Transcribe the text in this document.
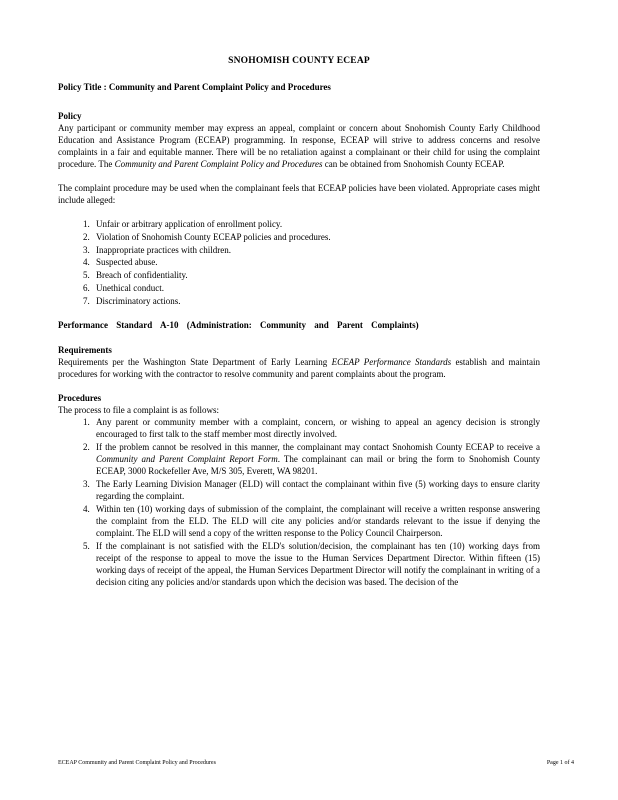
SNOHOMISH COUNTY ECEAP
Policy Title : Community and Parent Complaint Policy and Procedures
Policy

Any participant or community member may express an appeal, complaint or concern about Snohomish County Early Childhood Education and Assistance Program (ECEAP) programming. In response, ECEAP will strive to address concerns and resolve complaints in a fair and equitable manner. There will be no retaliation against a complainant or their child for using the complaint procedure. The Community and Parent Complaint Policy and Procedures can be obtained from Snohomish County ECEAP.

The complaint procedure may be used when the complainant feels that ECEAP policies have been violated. Appropriate cases might include alleged:

1. Unfair or arbitrary application of enrollment policy.
2. Violation of Snohomish County ECEAP policies and procedures.
3. Inappropriate practices with children.
4. Suspected abuse.
5. Breach of confidentiality.
6. Unethical conduct.
7. Discriminatory actions.
Performance Standard A-10 (Administration: Community and Parent Complaints)
Requirements

Requirements per the Washington State Department of Early Learning ECEAP Performance Standards establish and maintain procedures for working with the contractor to resolve community and parent complaints about the program.

Procedures

The process to file a complaint is as follows:

1. Any parent or community member with a complaint, concern, or wishing to appeal an agency decision is strongly encouraged to first talk to the staff member most directly involved.
2. If the problem cannot be resolved in this manner, the complainant may contact Snohomish County ECEAP to receive a Community and Parent Complaint Report Form. The complainant can mail or bring the form to Snohomish County ECEAP, 3000 Rockefeller Ave, M/S 305, Everett, WA 98201.
3. The Early Learning Division Manager (ELD) will contact the complainant within five (5) working days to ensure clarity regarding the complaint.
4. Within ten (10) working days of submission of the complaint, the complainant will receive a written response answering the complaint from the ELD. The ELD will cite any policies and/or standards relevant to the issue if denying the complaint. The ELD will send a copy of the written response to the Policy Council Chairperson.
5. If the complainant is not satisfied with the ELD's solution/decision, the complainant has ten (10) working days from receipt of the response to appeal to move the issue to the Human Services Department Director. Within fifteen (15) working days of receipt of the appeal, the Human Services Department Director will notify the complainant in writing of a decision citing any policies and/or standards upon which the decision was based. The decision of the
ECEAP Community and Parent Complaint Policy and Procedures	Page 1 of 4
